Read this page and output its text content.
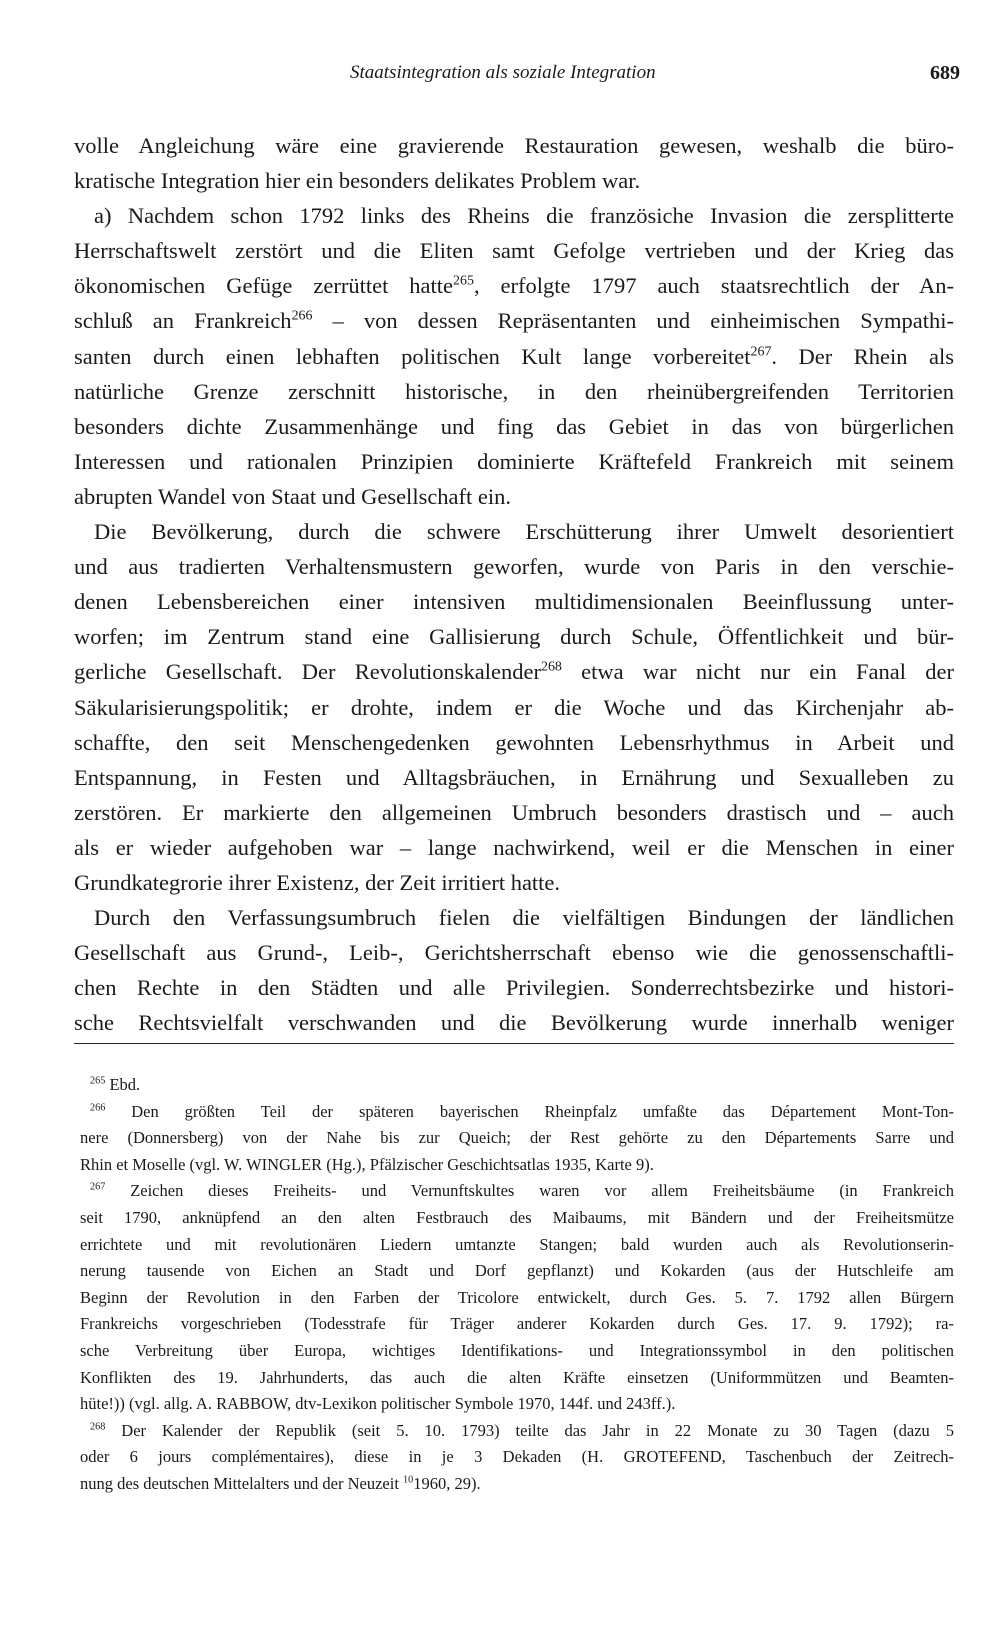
Staatsintegration als soziale Integration	689
volle Angleichung wäre eine gravierende Restauration gewesen, weshalb die büro-
kratische Integration hier ein besonders delikates Problem war.
a) Nachdem schon 1792 links des Rheins die französiche Invasion die zersplitterte
Herrschaftswelt zerstört und die Eliten samt Gefolge vertrieben und der Krieg das
ökonomischen Gefüge zerrüttet hatte$^{265}$, erfolgte 1797 auch staatsrechtlich der An-
schluß an Frankreich$^{266}$ – von dessen Repräsentanten und einheimischen Sympathi-
santen durch einen lebhaften politischen Kult lange vorbereitet$^{267}$. Der Rhein als
natürliche Grenze zerschnitt historische, in den rheinübergreifenden Territorien
besonders dichte Zusammenhänge und fing das Gebiet in das von bürgerlichen
Interessen und rationalen Prinzipien dominierte Kräftefeld Frankreich mit seinem
abrupten Wandel von Staat und Gesellschaft ein.
Die Bevölkerung, durch die schwere Erschütterung ihrer Umwelt desorientiert
und aus tradierten Verhaltensmustern geworfen, wurde von Paris in den verschie-
denen Lebensbereichen einer intensiven multidimensionalen Beeinflussung unter-
worfen; im Zentrum stand eine Gallisierung durch Schule, Öffentlichkeit und bür-
gerliche Gesellschaft. Der Revolutionskalender$^{268}$ etwa war nicht nur ein Fanal der
Säkularisierungspolitik; er drohte, indem er die Woche und das Kirchenjahr ab-
schaffte, den seit Menschengedenken gewohnten Lebensrhythmus in Arbeit und
Entspannung, in Festen und Alltagsbräuchen, in Ernährung und Sexualleben zu
zerstören. Er markierte den allgemeinen Umbruch besonders drastisch und – auch
als er wieder aufgehoben war – lange nachwirkend, weil er die Menschen in einer
Grundkategrorie ihrer Existenz, der Zeit irritiert hatte.
Durch den Verfassungsumbruch fielen die vielfältigen Bindungen der ländlichen
Gesellschaft aus Grund-, Leib-, Gerichtsherrschaft ebenso wie die genossenschaftli-
chen Rechte in den Städten und alle Privilegien. Sonderrechtsbezirke und histori-
sche Rechtsvielfalt verschwanden und die Bevölkerung wurde innerhalb weniger
$^{265}$ Ebd.
$^{266}$ Den größten Teil der späteren bayerischen Rheinpfalz umfaßte das Département Mont-Ton-
nere (Donnersberg) von der Nahe bis zur Queich; der Rest gehörte zu den Départements Sarre und
Rhin et Moselle (vgl. W. WINGLER (Hg.), Pfälzischer Geschichtsatlas 1935, Karte 9).
$^{267}$ Zeichen dieses Freiheits- und Vernunftskultes waren vor allem Freiheitsbäume (in Frankreich
seit 1790, anknüpfend an den alten Festbrauch des Maibaums, mit Bändern und der Freiheitsmütze
errichtete und mit revolutionären Liedern umtanzte Stangen; bald wurden auch als Revolutionserin-
nerung tausende von Eichen an Stadt und Dorf gepflanzt) und Kokarden (aus der Hutschleife am
Beginn der Revolution in den Farben der Tricolore entwickelt, durch Ges. 5. 7. 1792 allen Bürgern
Frankreichs vorgeschrieben (Todesstrafe für Träger anderer Kokarden durch Ges. 17. 9. 1792); ra-
sche Verbreitung über Europa, wichtiges Identifikations- und Integrationssymbol in den politischen
Konflikten des 19. Jahrhunderts, das auch die alten Kräfte einsetzen (Uniformmützen und Beamten-
hüte!)) (vgl. allg. A. RABBOW, dtv-Lexikon politischer Symbole 1970, 144f. und 243ff.).
$^{268}$ Der Kalender der Republik (seit 5. 10. 1793) teilte das Jahr in 22 Monate zu 30 Tagen (dazu 5
oder 6 jours complémentaires), diese in je 3 Dekaden (H. GROTEFEND, Taschenbuch der Zeitrech-
nung des deutschen Mittelalters und der Neuzeit $^{10}$1960, 29).
